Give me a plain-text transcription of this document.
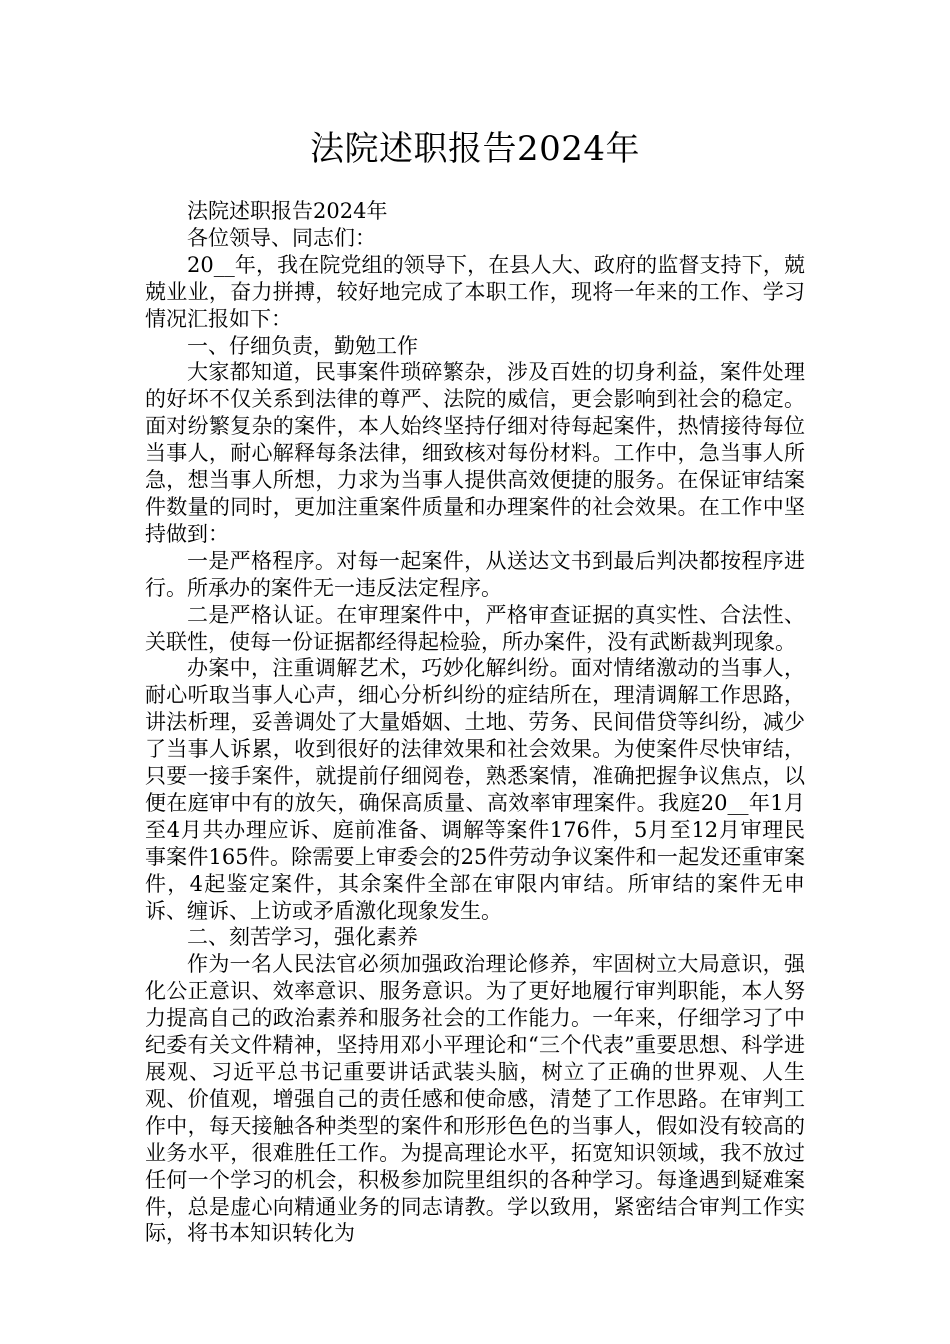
法院述职报告2024年

法院述职报告2024年

各位领导、同志们：

20__年，我在院党组的领导下，在县人大、政府的监督支持下，兢兢业业，奋力拼搏，较好地完成了本职工作，现将一年来的工作、学习情况汇报如下：

一、仔细负责，勤勉工作

大家都知道，民事案件琐碎繁杂，涉及百姓的切身利益，案件处理的好坏不仅关系到法律的尊严、法院的威信，更会影响到社会的稳定。面对纷繁复杂的案件，本人始终坚持仔细对待每起案件，热情接待每位当事人，耐心解释每条法律，细致核对每份材料。工作中，急当事人所急，想当事人所想，力求为当事人提供高效便捷的服务。在保证审结案件数量的同时，更加注重案件质量和办理案件的社会效果。在工作中坚持做到：

一是严格程序。对每一起案件，从送达文书到最后判决都按程序进行。所承办的案件无一违反法定程序。

二是严格认证。在审理案件中，严格审查证据的真实性、合法性、关联性，使每一份证据都经得起检验，所办案件，没有武断裁判现象。

办案中，注重调解艺术，巧妙化解纠纷。面对情绪激动的当事人，耐心听取当事人心声，细心分析纠纷的症结所在，理清调解工作思路，讲法析理，妥善调处了大量婚姻、土地、劳务、民间借贷等纠纷，减少了当事人诉累，收到很好的法律效果和社会效果。为使案件尽快审结，只要一接手案件，就提前仔细阅卷，熟悉案情，准确把握争议焦点，以便在庭审中有的放矢，确保高质量、高效率审理案件。我庭20__年1月至4月共办理应诉、庭前准备、调解等案件176件，5月至12月审理民事案件165件。除需要上审委会的25件劳动争议案件和一起发还重审案件，4起鉴定案件，其余案件全部在审限内审结。所审结的案件无申诉、缠诉、上访或矛盾激化现象发生。

二、刻苦学习，强化素养

作为一名人民法官必须加强政治理论修养，牢固树立大局意识，强化公正意识、效率意识、服务意识。为了更好地履行审判职能，本人努力提高自己的政治素养和服务社会的工作能力。一年来，仔细学习了中纪委有关文件精神，坚持用邓小平理论和“三个代表”重要思想、科学进展观、习近平总书记重要讲话武装头脑，树立了正确的世界观、人生观、价值观，增强自己的责任感和使命感，清楚了工作思路。在审判工作中，每天接触各种类型的案件和形形色色的当事人，假如没有较高的业务水平，很难胜任工作。为提高理论水平，拓宽知识领域，我不放过任何一个学习的机会，积极参加院里组织的各种学习。每逢遇到疑难案件，总是虚心向精通业务的同志请教。学以致用，紧密结合审判工作实际，将书本知识转化为
